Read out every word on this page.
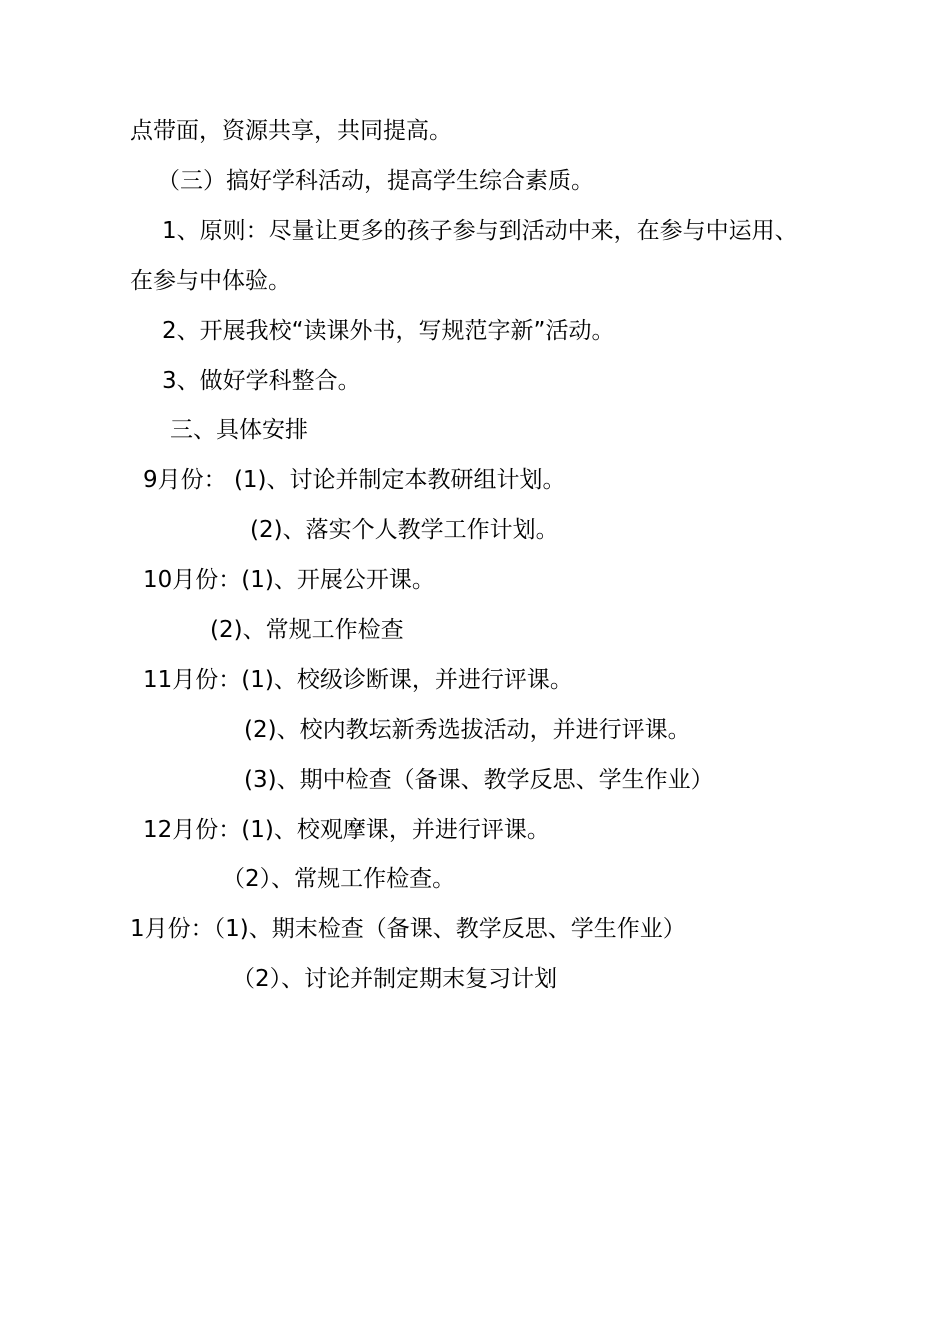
点带面，资源共享，共同提高。
（三）搞好学科活动，提高学生综合素质。
1、原则：尽量让更多的孩子参与到活动中来，在参与中运用、
在参与中体验。
2、开展我校“读课外书，写规范字新”活动。
3、做好学科整合。
三、具体安排
9月份： (1)、讨论并制定本教研组计划。
(2)、落实个人教学工作计划。
10月份：(1)、开展公开课。
(2)、常规工作检查
11月份：(1)、校级诊断课，并进行评课。
(2)、校内教坛新秀选拔活动，并进行评课。
(3)、期中检查（备课、教学反思、学生作业）
12月份：(1)、校观摩课，并进行评课。
（2）、常规工作检查。
1月份：（1)、期末检查（备课、教学反思、学生作业）
（2）、讨论并制定期末复习计划
